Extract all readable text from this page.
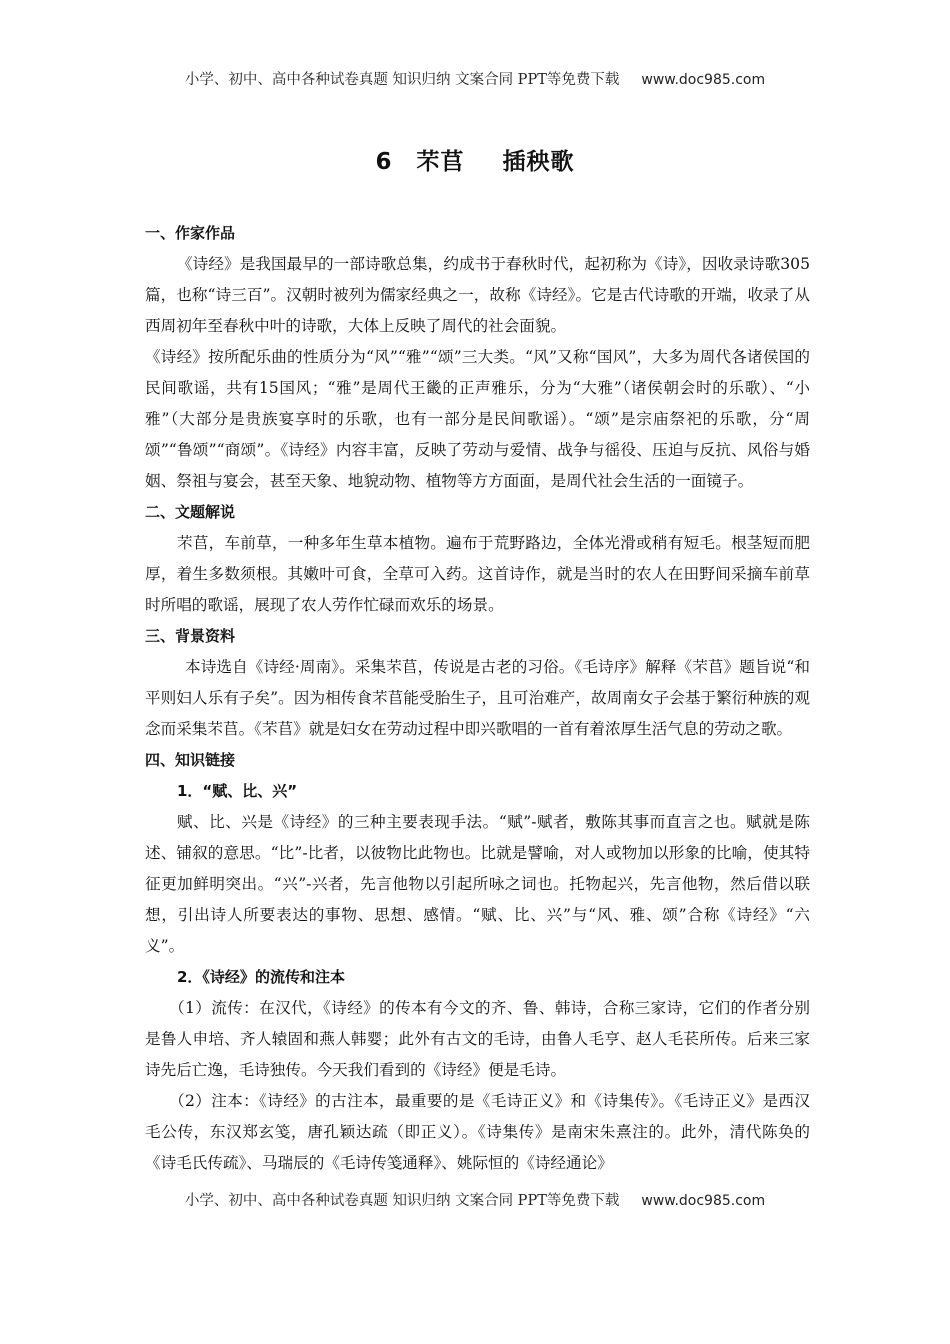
小学、初中、高中各种试卷真题 知识归纳 文案合同 PPT等免费下载 www.doc985.com
6 芣苢 插秧歌

一、作家作品

《诗经》是我国最早的一部诗歌总集，约成书于春秋时代，起初称为《诗》，因收录诗歌305篇，也称“诗三百”。汉朝时被列为儒家经典之一，故称《诗经》。它是古代诗歌的开端，收录了从西周初年至春秋中叶的诗歌，大体上反映了周代的社会面貌。

《诗经》按所配乐曲的性质分为“风”“雅”“颂”三大类。“风”又称“国风”，大多为周代各诸侯国的民间歌谣，共有15国风；“雅”是周代王畿的正声雅乐，分为“大雅”（诸侯朝会时的乐歌）、“小雅”（大部分是贵族宴享时的乐歌，也有一部分是民间歌谣）。“颂”是宗庙祭祀的乐歌，分“周颂”“鲁颂”“商颂”。《诗经》内容丰富，反映了劳动与爱情、战争与徭役、压迫与反抗、风俗与婚姻、祭祖与宴会，甚至天象、地貌动物、植物等方方面面，是周代社会生活的一面镜子。

二、文题解说

芣苢，车前草，一种多年生草本植物。遍布于荒野路边，全体光滑或稍有短毛。根茎短而肥厚，着生多数须根。其嫩叶可食，全草可入药。这首诗作，就是当时的农人在田野间采摘车前草时所唱的歌谣，展现了农人劳作忙碌而欢乐的场景。

三、背景资料

本诗选自《诗经·周南》。采集芣苢，传说是古老的习俗。《毛诗序》解释《芣苢》题旨说“和平则妇人乐有子矣”。因为相传食芣苢能受胎生子，且可治难产，故周南女子会基于繁衍种族的观念而采集芣苢。《芣苢》就是妇女在劳动过程中即兴歌唱的一首有着浓厚生活气息的劳动之歌。

四、知识链接

1．“赋、比、兴”

赋、比、兴是《诗经》的三种主要表现手法。“赋”-赋者，敷陈其事而直言之也。赋就是陈述、铺叙的意思。“比”-比者，以彼物比此物也。比就是譬喻，对人或物加以形象的比喻，使其特征更加鲜明突出。“兴”-兴者，先言他物以引起所咏之词也。托物起兴，先言他物，然后借以联想，引出诗人所要表达的事物、思想、感情。“赋、比、兴”与“风、雅、颂”合称《诗经》“六义”。

2．《诗经》的流传和注本

（1）流传：在汉代，《诗经》的传本有今文的齐、鲁、韩诗，合称三家诗，它们的作者分别是鲁人申培、齐人辕固和燕人韩婴；此外有古文的毛诗，由鲁人毛亨、赵人毛苌所传。后来三家诗先后亡逸，毛诗独传。今天我们看到的《诗经》便是毛诗。

（2）注本：《诗经》的古注本，最重要的是《毛诗正义》和《诗集传》。《毛诗正义》是西汉毛公传，东汉郑玄笺，唐孔颖达疏（即正义）。《诗集传》是南宋朱熹注的。此外，清代陈奂的《诗毛氏传疏》、马瑞辰的《毛诗传笺通释》、姚际恒的《诗经通论》

小学、初中、高中各种试卷真题 知识归纳 文案合同 PPT等免费下载 www.doc985.com
